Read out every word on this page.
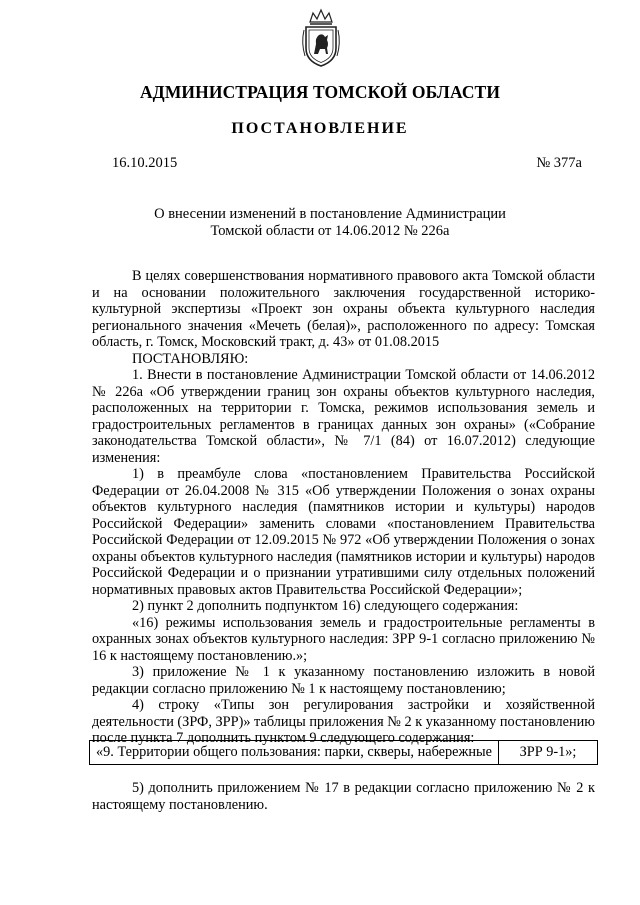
АДМИНИСТРАЦИЯ ТОМСКОЙ ОБЛАСТИ
ПОСТАНОВЛЕНИЕ
16.10.2015	№ 377а
О внесении изменений в постановление Администрации
Томской области от 14.06.2012 № 226а

В целях совершенствования нормативного правового акта Томской области и на основании положительного заключения государственной историко-культурной экспертизы «Проект зон охраны объекта культурного наследия регионального значения «Мечеть (белая)», расположенного по адресу: Томская область, г. Томск, Московский тракт, д. 43» от 01.08.2015

ПОСТАНОВЛЯЮ:

1. Внести в постановление Администрации Томской области от 14.06.2012 № 226а «Об утверждении границ зон охраны объектов культурного наследия, расположенных на территории г. Томска, режимов использования земель и градостроительных регламентов в границах данных зон охраны» («Собрание законодательства Томской области», № 7/1 (84) от 16.07.2012) следующие изменения:

1) в преамбуле слова «постановлением Правительства Российской Федерации от 26.04.2008 № 315 «Об утверждении Положения о зонах охраны объектов культурного наследия (памятников истории и культуры) народов Российской Федерации» заменить словами «постановлением Правительства Российской Федерации от 12.09.2015 № 972 «Об утверждении Положения о зонах охраны объектов культурного наследия (памятников истории и культуры) народов Российской Федерации и о признании утратившими силу отдельных положений нормативных правовых актов Правительства Российской Федерации»;

2) пункт 2 дополнить подпунктом 16) следующего содержания:

«16) режимы использования земель и градостроительные регламенты в охранных зонах объектов культурного наследия: ЗРР 9-1 согласно приложению № 16 к настоящему постановлению.»;

3) приложение № 1 к указанному постановлению изложить в новой редакции согласно приложению № 1 к настоящему постановлению;

4) строку «Типы зон регулирования застройки и хозяйственной деятельности (ЗРФ, ЗРР)» таблицы приложения № 2 к указанному постановлению после пункта 7 дополнить пунктом 9 следующего содержания:

«9. Территории общего пользования: парки, скверы, набережные	ЗРР 9-1»;

5) дополнить приложением № 17 в редакции согласно приложению № 2 к настоящему постановлению.
